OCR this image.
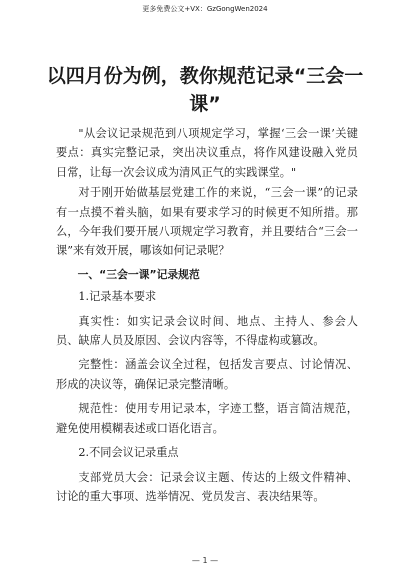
更多免费公文+VX：GzGongWen2024
以四月份为例，教你规范记录“三会一
课”

"从会议记录规范到八项规定学习，掌握‘三会一课’关键要点：真实完整记录，突出决议重点，将作风建设融入党员日常，让每一次会议成为清风正气的实践课堂。"

对于刚开始做基层党建工作的来说，“三会一课”的记录有一点摸不着头脑，如果有要求学习的时候更不知所措。那么，今年我们要开展八项规定学习教育，并且要结合“三会一课”来有效开展，哪该如何记录呢？

一、“三会一课”记录规范

1.记录基本要求

真实性：如实记录会议时间、地点、主持人、参会人员、缺席人员及原因、会议内容等，不得虚构或篡改。

完整性：涵盖会议全过程，包括发言要点、讨论情况、形成的决议等，确保记录完整清晰。

规范性：使用专用记录本，字迹工整，语言简洁规范，避免使用模糊表述或口语化语言。

2.不同会议记录重点

支部党员大会：记录会议主题、传达的上级文件精神、讨论的重大事项、选举情况、党员发言、表决结果等。

— 1 —
